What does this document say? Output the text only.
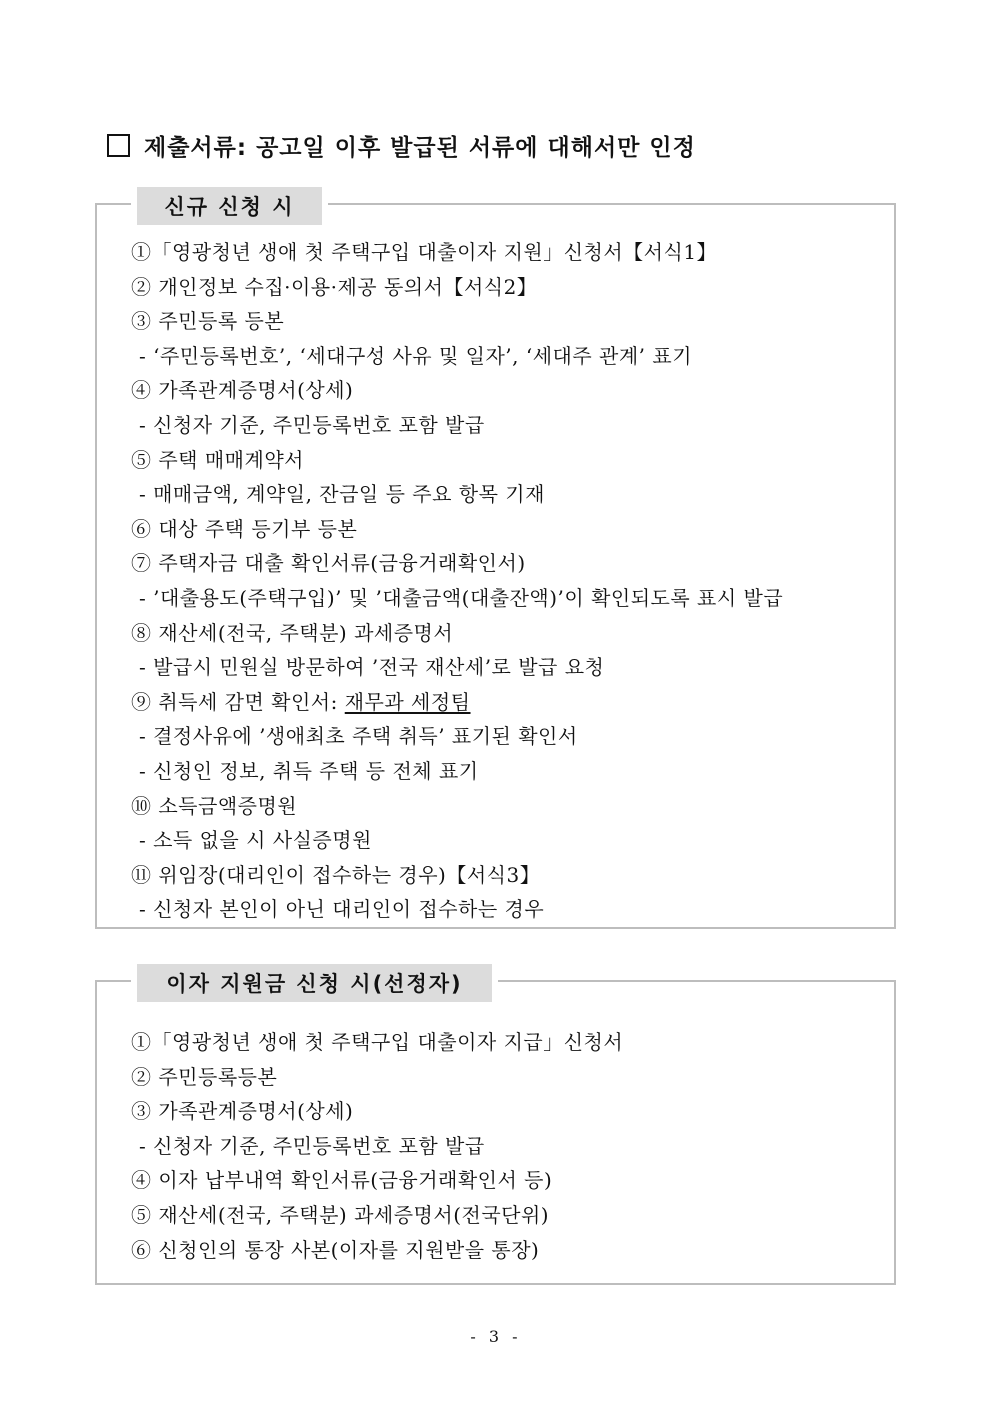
제출서류: 공고일 이후 발급된 서류에 대해서만 인정
신규 신청 시
①「영광청년 생애 첫 주택구입 대출이자 지원」신청서【서식1】
② 개인정보 수집·이용·제공 동의서【서식2】
③ 주민등록 등본
- ‘주민등록번호’, ‘세대구성 사유 및 일자’, ‘세대주 관계’ 표기
④ 가족관계증명서(상세)
- 신청자 기준, 주민등록번호 포함 발급
⑤ 주택 매매계약서
- 매매금액, 계약일, 잔금일 등 주요 항목 기재
⑥ 대상 주택 등기부 등본
⑦ 주택자금 대출 확인서류(금융거래확인서)
- ’대출용도(주택구입)’ 및 ’대출금액(대출잔액)’이 확인되도록 표시 발급
⑧ 재산세(전국, 주택분) 과세증명서
- 발급시 민원실 방문하여 ’전국 재산세’로 발급 요청
⑨ 취득세 감면 확인서: 재무과 세정팀
- 결정사유에 ’생애최초 주택 취득’ 표기된 확인서
- 신청인 정보, 취득 주택 등 전체 표기
⑩ 소득금액증명원
- 소득 없을 시 사실증명원
⑪ 위임장(대리인이 접수하는 경우)【서식3】
- 신청자 본인이 아닌 대리인이 접수하는 경우
이자 지원금 신청 시(선정자)
①「영광청년 생애 첫 주택구입 대출이자 지급」신청서
② 주민등록등본
③ 가족관계증명서(상세)
- 신청자 기준, 주민등록번호 포함 발급
④ 이자 납부내역 확인서류(금융거래확인서 등)
⑤ 재산세(전국, 주택분) 과세증명서(전국단위)
⑥ 신청인의 통장 사본(이자를 지원받을 통장)
- 3 -
